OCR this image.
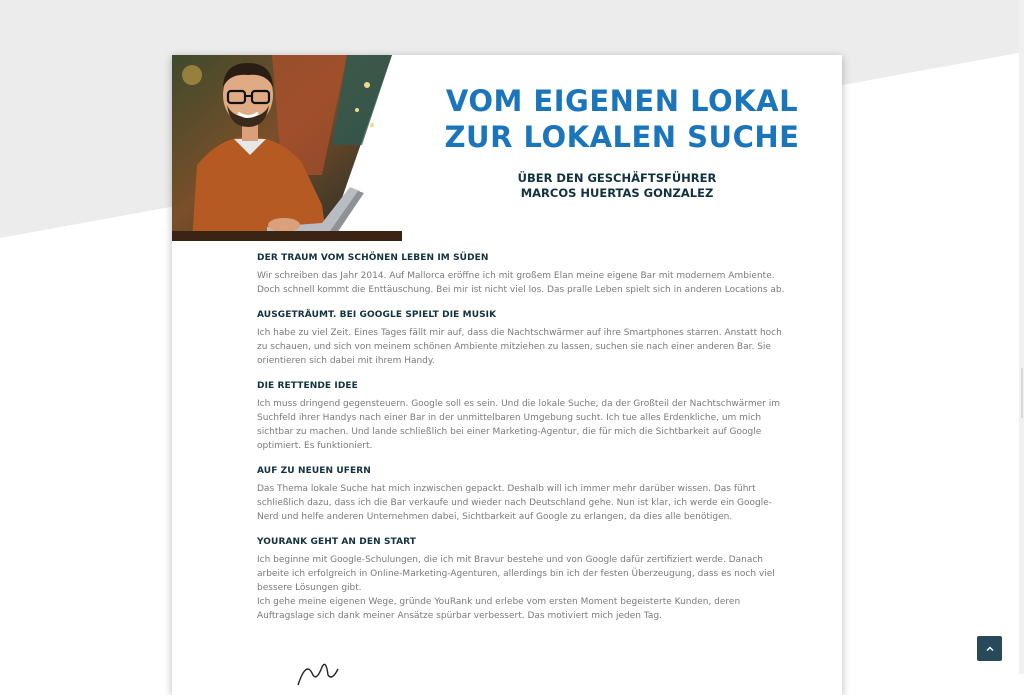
VOM EIGENEN LOKAL
ZUR LOKALEN SUCHE
ÜBER DEN GESCHÄFTSFÜHRER
MARCOS HUERTAS GONZALEZ
DER TRAUM VOM SCHÖNEN LEBEN IM SÜDEN

Wir schreiben das Jahr 2014. Auf Mallorca eröffne ich mit großem Elan meine eigene Bar mit modernem Ambiente. Doch schnell kommt die Enttäuschung. Bei mir ist nicht viel los. Das pralle Leben spielt sich in anderen Locations ab.

AUSGETRÄUMT. BEI GOOGLE SPIELT DIE MUSIK

Ich habe zu viel Zeit. Eines Tages fällt mir auf, dass die Nachtschwärmer auf ihre Smartphones starren. Anstatt hoch zu schauen, und sich von meinem schönen Ambiente mitziehen zu lassen, suchen sie nach einer anderen Bar. Sie orientieren sich dabei mit ihrem Handy.

DIE RETTENDE IDEE

Ich muss dringend gegensteuern. Google soll es sein. Und die lokale Suche, da der Großteil der Nachtschwärmer im Suchfeld ihrer Handys nach einer Bar in der unmittelbaren Umgebung sucht. Ich tue alles Erdenkliche, um mich sichtbar zu machen. Und lande schließlich bei einer Marketing-Agentur, die für mich die Sichtbarkeit auf Google optimiert. Es funktioniert.

AUF ZU NEUEN UFERN

Das Thema lokale Suche hat mich inzwischen gepackt. Deshalb will ich immer mehr darüber wissen. Das führt schließlich dazu, dass ich die Bar verkaufe und wieder nach Deutschland gehe. Nun ist klar, ich werde ein Google-Nerd und helfe anderen Unternehmen dabei, Sichtbarkeit auf Google zu erlangen, da dies alle benötigen.

YOURANK GEHT AN DEN START

Ich beginne mit Google-Schulungen, die ich mit Bravur bestehe und von Google dafür zertifiziert werde. Danach arbeite ich erfolgreich in Online-Marketing-Agenturen, allerdings bin ich der festen Überzeugung, dass es noch viel bessere Lösungen gibt.

Ich gehe meine eigenen Wege, gründe YouRank und erlebe vom ersten Moment begeisterte Kunden, deren Auftragslage sich dank meiner Ansätze spürbar verbessert. Das motiviert mich jeden Tag.
